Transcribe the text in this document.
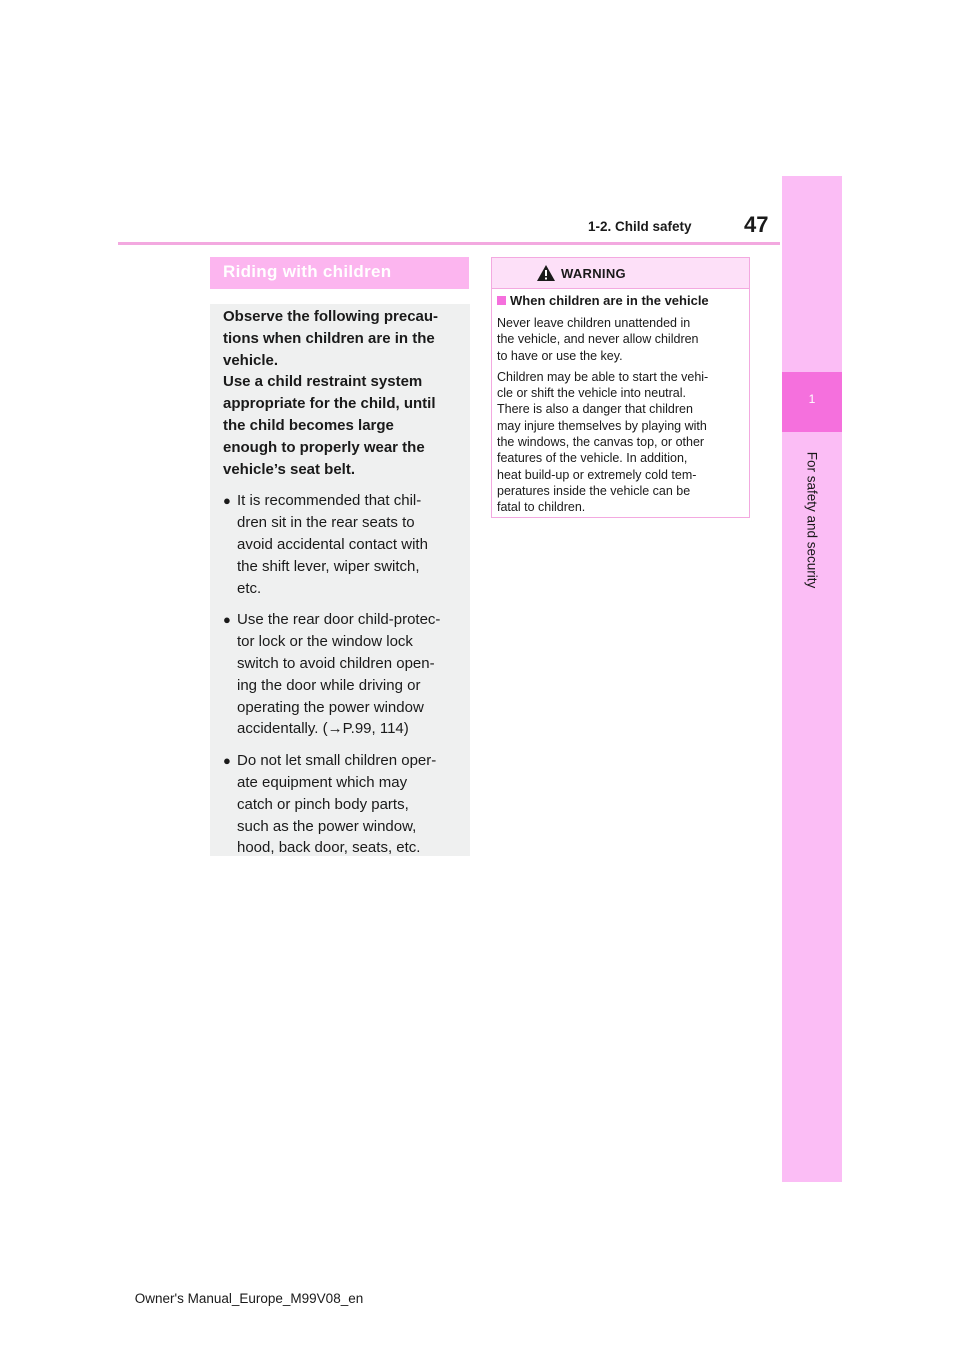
1-2. Child safety 47
1
For safety and security
Riding with children

Observe the following precau-
tions when children are in the
vehicle.
Use a child restraint system
appropriate for the child, until
the child becomes large
enough to properly wear the
vehicle’s seat belt.

● It is recommended that chil-
dren sit in the rear seats to
avoid accidental contact with
the shift lever, wiper switch,
etc.
● Use the rear door child-protec-
tor lock or the window lock
switch to avoid children open-
ing the door while driving or
operating the power window
accidentally. (→P.99, 114)
● Do not let small children oper-
ate equipment which may
catch or pinch body parts,
such as the power window,
hood, back door, seats, etc.
WARNING
When children are in the vehicle

Never leave children unattended in
the vehicle, and never allow children
to have or use the key.

Children may be able to start the vehi-
cle or shift the vehicle into neutral.
There is also a danger that children
may injure themselves by playing with
the windows, the canvas top, or other
features of the vehicle. In addition,
heat build-up or extremely cold tem-
peratures inside the vehicle can be
fatal to children.

Owner's Manual_Europe_M99V08_en
